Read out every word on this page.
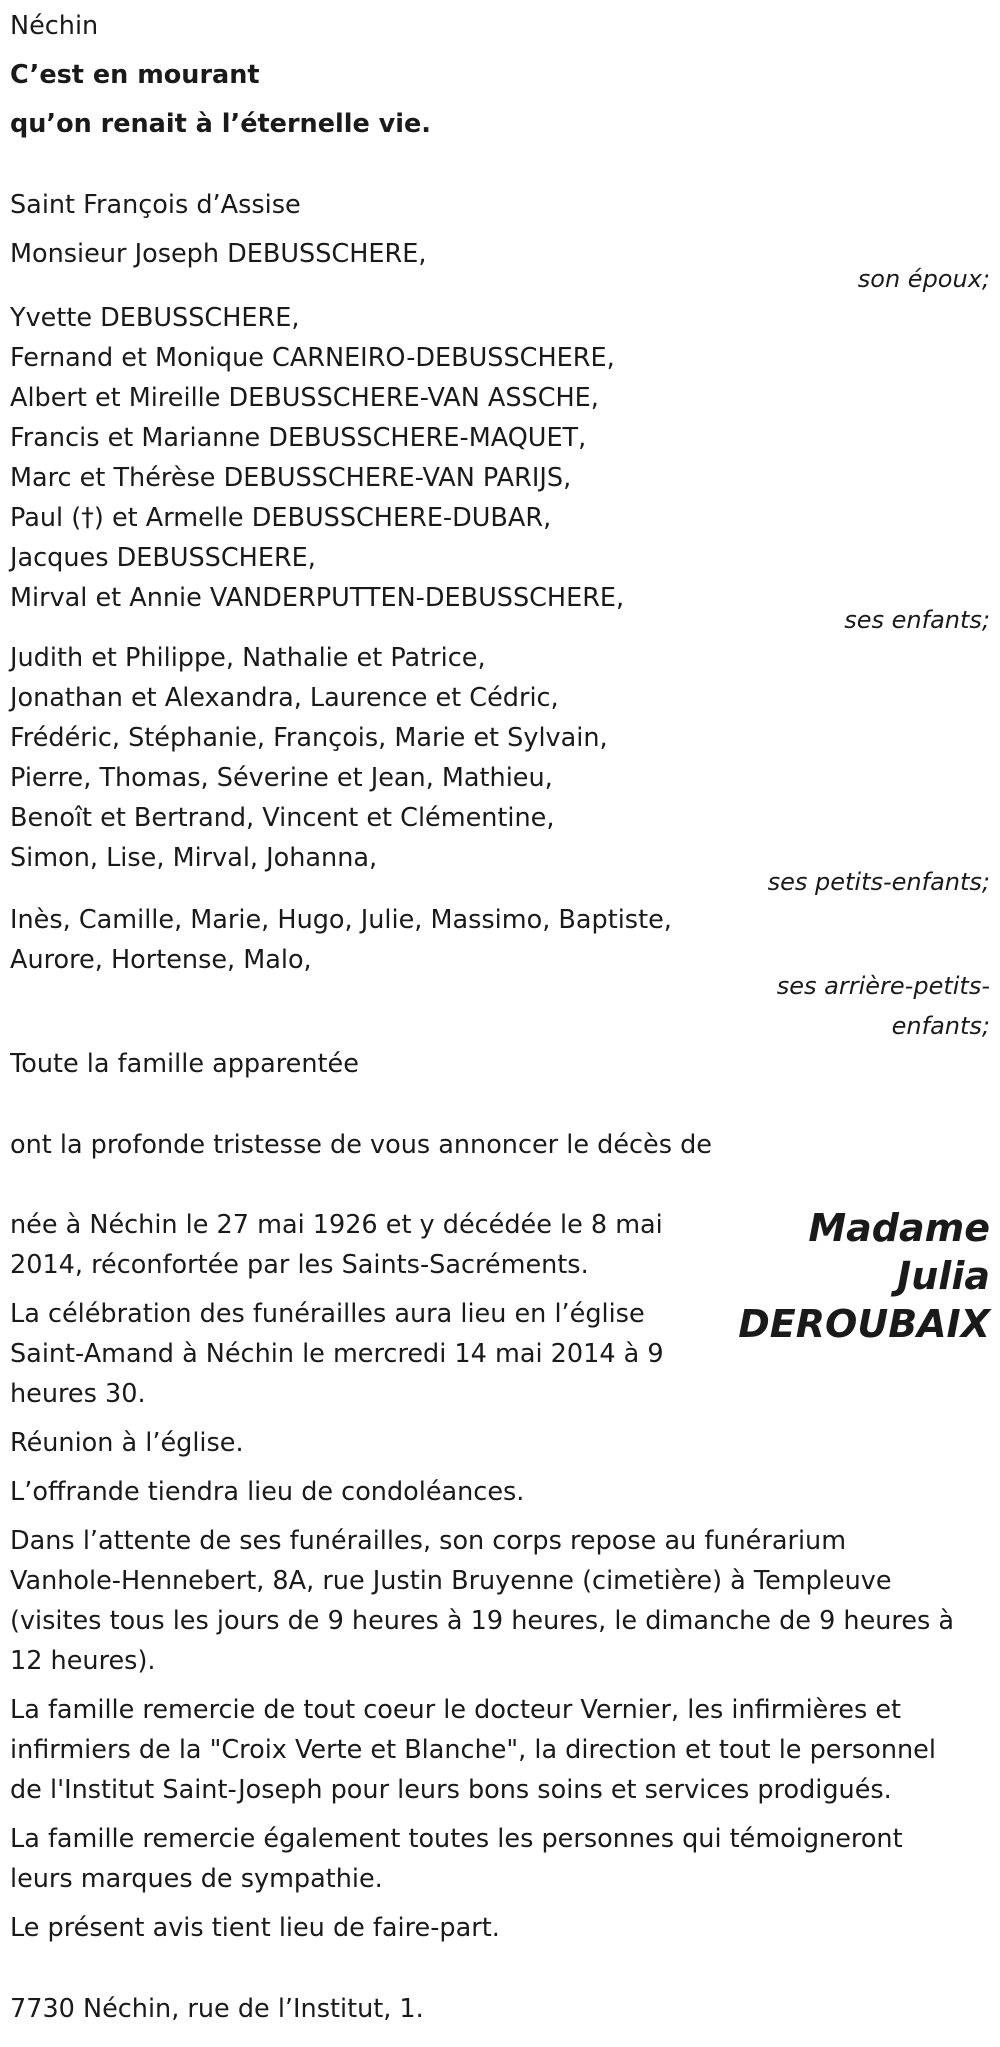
Néchin
C’est en mourant
qu’on renait à l’éternelle vie.
Saint François d’Assise
Monsieur Joseph DEBUSSCHERE,
son époux;
Yvette DEBUSSCHERE,
Fernand et Monique CARNEIRO-DEBUSSCHERE,
Albert et Mireille DEBUSSCHERE-VAN ASSCHE,
Francis et Marianne DEBUSSCHERE-MAQUET,
Marc et Thérèse DEBUSSCHERE-VAN PARIJS,
Paul (†) et Armelle DEBUSSCHERE-DUBAR,
Jacques DEBUSSCHERE,
Mirval et Annie VANDERPUTTEN-DEBUSSCHERE,
ses enfants;
Judith et Philippe, Nathalie et Patrice,
Jonathan et Alexandra, Laurence et Cédric,
Frédéric, Stéphanie, François, Marie et Sylvain,
Pierre, Thomas, Séverine et Jean, Mathieu,
Benoît et Bertrand, Vincent et Clémentine,
Simon, Lise, Mirval, Johanna,
ses petits-enfants;
Inès, Camille, Marie, Hugo, Julie, Massimo, Baptiste,
Aurore, Hortense, Malo,
ses arrière-petits-
enfants;
Toute la famille apparentée
ont la profonde tristesse de vous annoncer le décès de
Madame
Julia
DEROUBAIX
née à Néchin le 27 mai 1926 et y décédée le 8 mai
2014, réconfortée par les Saints-Sacréments.
La célébration des funérailles aura lieu en l’église
Saint-Amand à Néchin le mercredi 14 mai 2014 à 9
heures 30.
Réunion à l’église.
L’offrande tiendra lieu de condoléances.
Dans l’attente de ses funérailles, son corps repose au funérarium
Vanhole-Hennebert, 8A, rue Justin Bruyenne (cimetière) à Templeuve
(visites tous les jours de 9 heures à 19 heures, le dimanche de 9 heures à
12 heures).
La famille remercie de tout coeur le docteur Vernier, les infirmières et
infirmiers de la "Croix Verte et Blanche", la direction et tout le personnel
de l'Institut Saint-Joseph pour leurs bons soins et services prodigués.
La famille remercie également toutes les personnes qui témoigneront
leurs marques de sympathie.
Le présent avis tient lieu de faire-part.
7730 Néchin, rue de l’Institut, 1.
